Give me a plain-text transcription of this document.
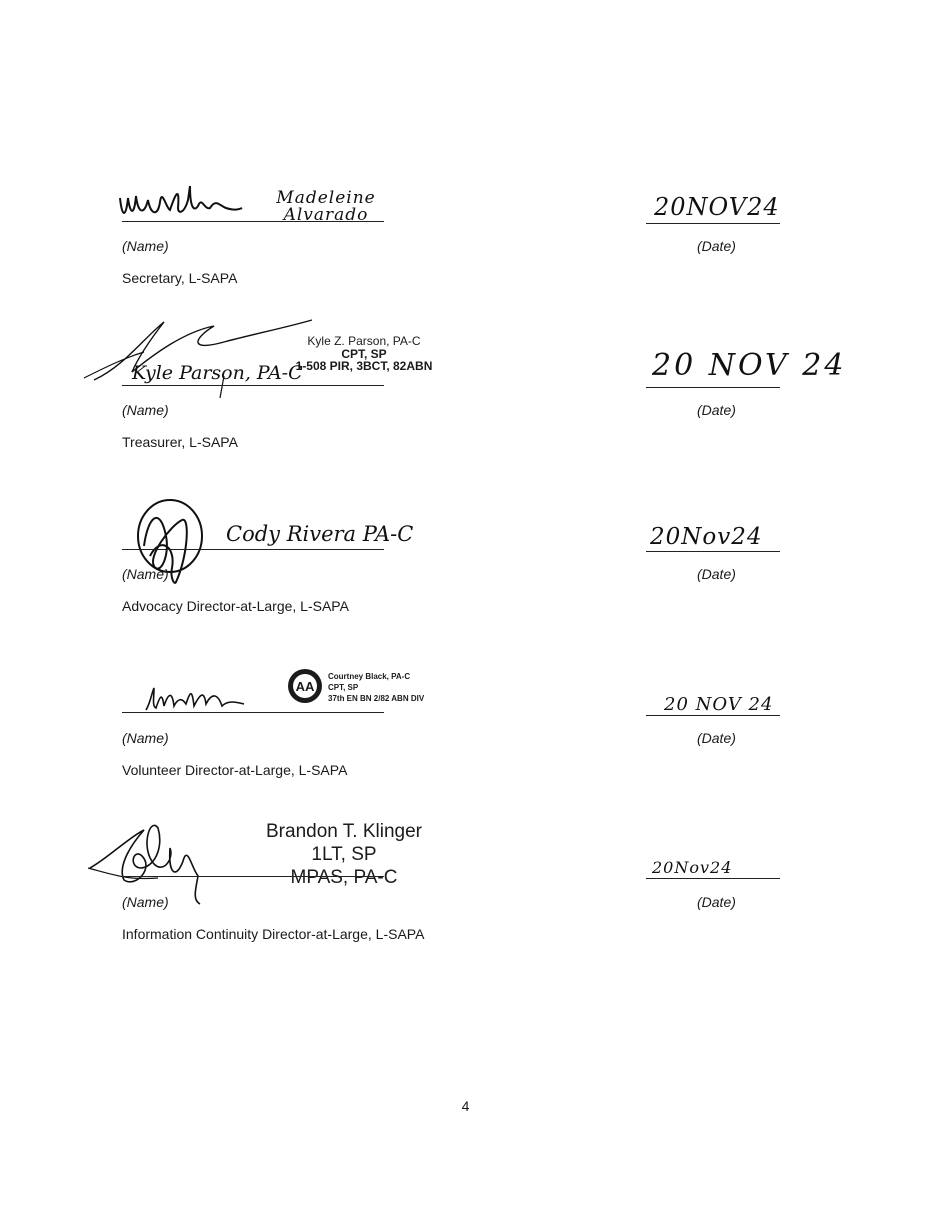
Madeleine Alvarado
(Name)
20NOV24
(Date)
Secretary, L-SAPA
Kyle Parson, PA-C
Kyle Z. Parson, PA-C
CPT, SP
1-508 PIR, 3BCT, 82ABN
(Name)
20 NOV 24
(Date)
Treasurer, L-SAPA
Cody Rivera PA-C
(Name)
20Nov24
(Date)
Advocacy Director-at-Large, L-SAPA
AA
Courtney Black, PA-C
CPT, SP
37th EN BN 2/82 ABN DIV
(Name)
20 NOV 24
(Date)
Volunteer Director-at-Large, L-SAPA
Brandon T. Klinger
1LT, SP
MPAS, PA-C
(Name)
20Nov24
(Date)
Information Continuity Director-at-Large, L-SAPA
4
